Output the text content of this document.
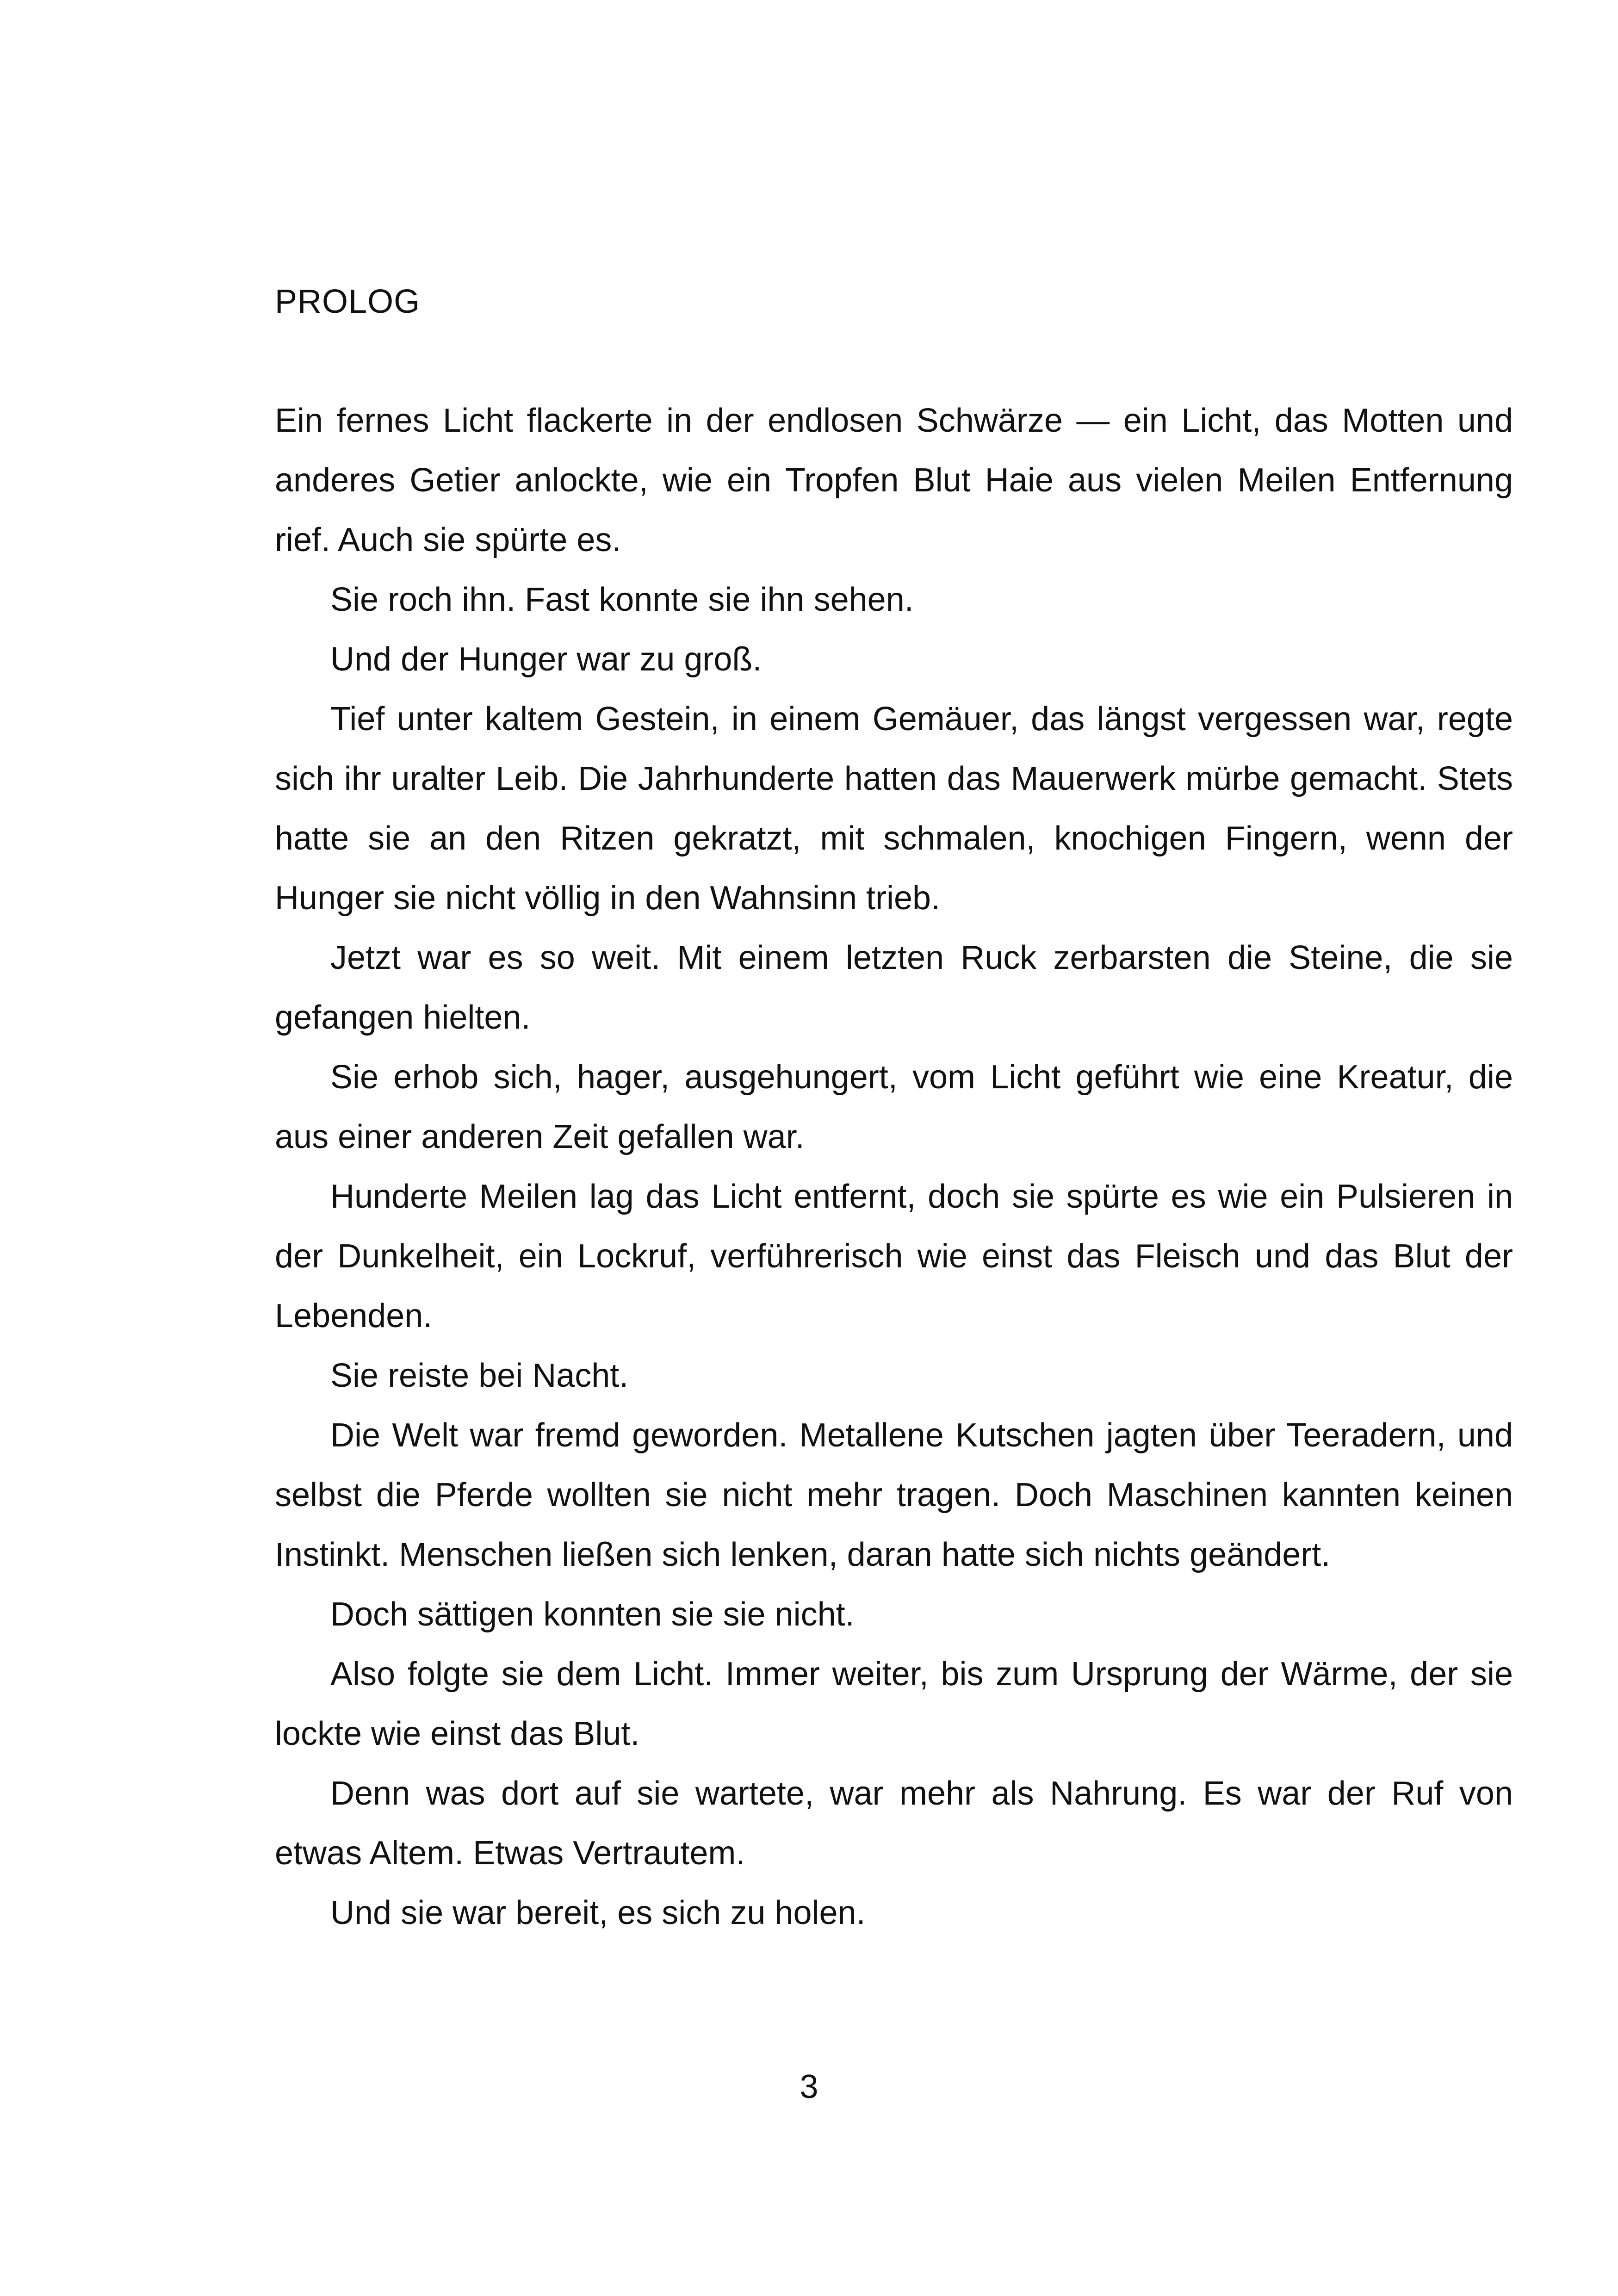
PROLOG

Ein fernes Licht flackerte in der endlosen Schwärze — ein Licht, das Motten und anderes Getier anlockte, wie ein Tropfen Blut Haie aus vielen Meilen Entfernung rief. Auch sie spürte es.

Sie roch ihn. Fast konnte sie ihn sehen.

Und der Hunger war zu groß.

Tief unter kaltem Gestein, in einem Gemäuer, das längst vergessen war, regte sich ihr uralter Leib. Die Jahrhunderte hatten das Mauerwerk mürbe gemacht. Stets hatte sie an den Ritzen gekratzt, mit schmalen, knochigen Fingern, wenn der Hunger sie nicht völlig in den Wahnsinn trieb.

Jetzt war es so weit. Mit einem letzten Ruck zerbarsten die Steine, die sie gefangen hielten.

Sie erhob sich, hager, ausgehungert, vom Licht geführt wie eine Kreatur, die aus einer anderen Zeit gefallen war.

Hunderte Meilen lag das Licht entfernt, doch sie spürte es wie ein Pulsieren in der Dunkelheit, ein Lockruf, verführerisch wie einst das Fleisch und das Blut der Lebenden.

Sie reiste bei Nacht.

Die Welt war fremd geworden. Metallene Kutschen jagten über Teeradern, und selbst die Pferde wollten sie nicht mehr tragen. Doch Maschinen kannten keinen Instinkt. Menschen ließen sich lenken, daran hatte sich nichts geändert.

Doch sättigen konnten sie sie nicht.

Also folgte sie dem Licht. Immer weiter, bis zum Ursprung der Wärme, der sie lockte wie einst das Blut.

Denn was dort auf sie wartete, war mehr als Nahrung. Es war der Ruf von etwas Altem. Etwas Vertrautem.

Und sie war bereit, es sich zu holen.

3
